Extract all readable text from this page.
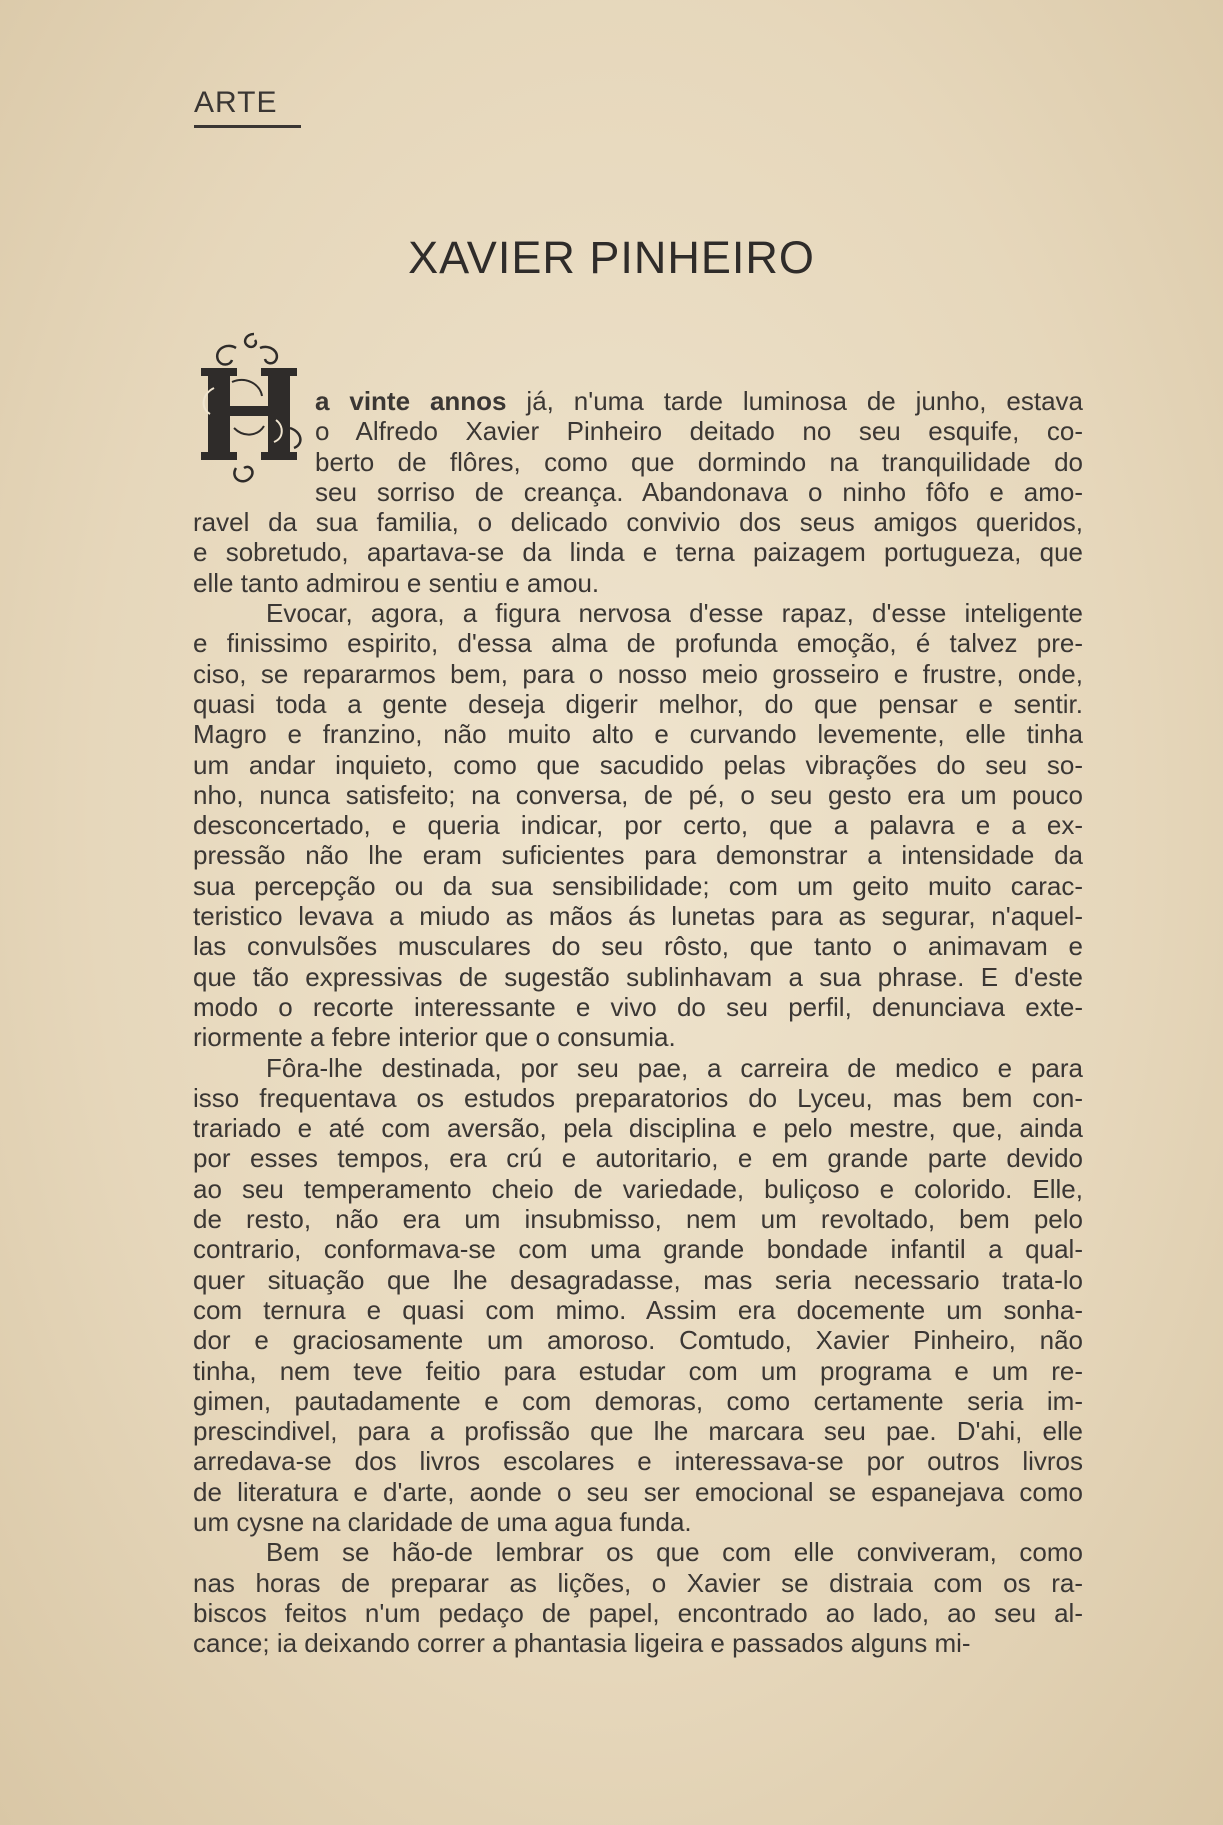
ARTE
XAVIER PINHEIRO
a vinte annos já, n'uma tarde luminosa de junho, estava
o Alfredo Xavier Pinheiro deitado no seu esquife, co-
berto de flôres, como que dormindo na tranquilidade do
seu sorriso de creança. Abandonava o ninho fôfo e amo-
ravel da sua familia, o delicado convivio dos seus amigos queridos,
e sobretudo, apartava-se da linda e terna paizagem portugueza, que
elle tanto admirou e sentiu e amou.
Evocar, agora, a figura nervosa d'esse rapaz, d'esse inteligente
e finissimo espirito, d'essa alma de profunda emoção, é talvez pre-
ciso, se repararmos bem, para o nosso meio grosseiro e frustre, onde,
quasi toda a gente deseja digerir melhor, do que pensar e sentir.
Magro e franzino, não muito alto e curvando levemente, elle tinha
um andar inquieto, como que sacudido pelas vibrações do seu so-
nho, nunca satisfeito; na conversa, de pé, o seu gesto era um pouco
desconcertado, e queria indicar, por certo, que a palavra e a ex-
pressão não lhe eram suficientes para demonstrar a intensidade da
sua percepção ou da sua sensibilidade; com um geito muito carac-
teristico levava a miudo as mãos ás lunetas para as segurar, n'aquel-
las convulsões musculares do seu rôsto, que tanto o animavam e
que tão expressivas de sugestão sublinhavam a sua phrase. E d'este
modo o recorte interessante e vivo do seu perfil, denunciava exte-
riormente a febre interior que o consumia.
Fôra-lhe destinada, por seu pae, a carreira de medico e para
isso frequentava os estudos preparatorios do Lyceu, mas bem con-
trariado e até com aversão, pela disciplina e pelo mestre, que, ainda
por esses tempos, era crú e autoritario, e em grande parte devido
ao seu temperamento cheio de variedade, buliçoso e colorido. Elle,
de resto, não era um insubmisso, nem um revoltado, bem pelo
contrario, conformava-se com uma grande bondade infantil a qual-
quer situação que lhe desagradasse, mas seria necessario trata-lo
com ternura e quasi com mimo. Assim era docemente um sonha-
dor e graciosamente um amoroso. Comtudo, Xavier Pinheiro, não
tinha, nem teve feitio para estudar com um programa e um re-
gimen, pautadamente e com demoras, como certamente seria im-
prescindivel, para a profissão que lhe marcara seu pae. D'ahi, elle
arredava-se dos livros escolares e interessava-se por outros livros
de literatura e d'arte, aonde o seu ser emocional se espanejava como
um cysne na claridade de uma agua funda.
Bem se hão-de lembrar os que com elle conviveram, como
nas horas de preparar as lições, o Xavier se distraia com os ra-
biscos feitos n'um pedaço de papel, encontrado ao lado, ao seu al-
cance; ia deixando correr a phantasia ligeira e passados alguns mi-
